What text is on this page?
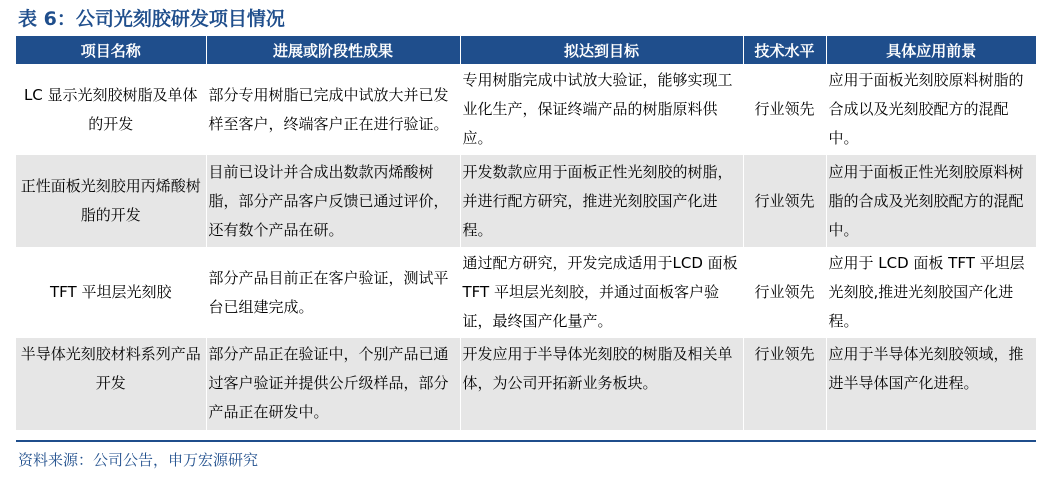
表 6：公司光刻胶研发项目情况
项目名称	进展或阶段性成果	拟达到目标	技术水平	具体应用前景
LC 显示光刻胶树脂及单体的开发	部分专用树脂已完成中试放大并已发样至客户，终端客户正在进行验证。	专用树脂完成中试放大验证，能够实现工业化生产，保证终端产品的树脂原料供应。	行业领先	应用于面板光刻胶原料树脂的合成以及光刻胶配方的混配中。
正性面板光刻胶用丙烯酸树脂的开发	目前已设计并合成出数款丙烯酸树脂，部分产品客户反馈已通过评价，还有数个产品在研。	开发数款应用于面板正性光刻胶的树脂，并进行配方研究，推进光刻胶国产化进程。	行业领先	应用于面板正性光刻胶原料树脂的合成及光刻胶配方的混配中。
TFT 平坦层光刻胶	部分产品目前正在客户验证，测试平台已组建完成。	通过配方研究，开发完成适用于LCD 面板 TFT 平坦层光刻胶，并通过面板客户验证，最终国产化量产。	行业领先	应用于 LCD 面板 TFT 平坦层光刻胶,推进光刻胶国产化进程。
半导体光刻胶材料系列产品开发	部分产品正在验证中，个别产品已通过客户验证并提供公斤级样品，部分产品正在研发中。	开发应用于半导体光刻胶的树脂及相关单体，为公司开拓新业务板块。	行业领先	应用于半导体光刻胶领域，推进半导体国产化进程。
资料来源：公司公告，申万宏源研究
